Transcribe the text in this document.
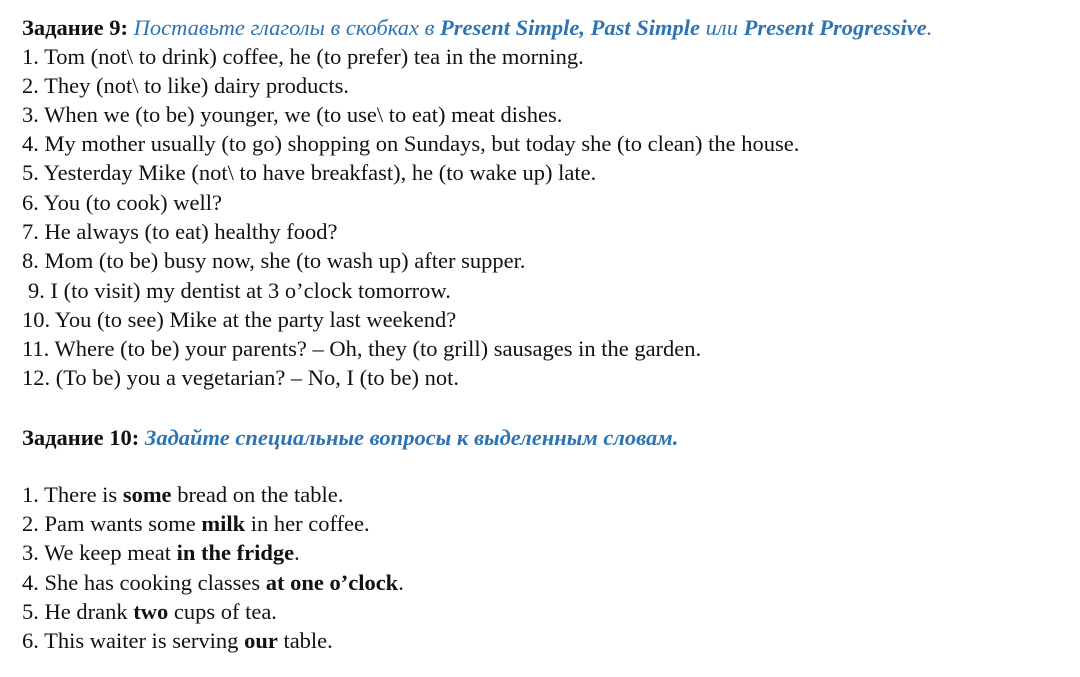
Задание 9: Поставьте глаголы в скобках в Present Simple, Past Simple или Present Progressive.
1. Tom (not\ to drink) coffee, he (to prefer) tea in the morning.
2. They (not\ to like) dairy products.
3. When we (to be) younger, we (to use\ to eat) meat dishes.
4. My mother usually (to go) shopping on Sundays, but today she (to clean) the house.
5. Yesterday Mike (not\ to have breakfast), he (to wake up) late.
6. You (to cook) well?
7. He always (to eat) healthy food?
8. Mom (to be) busy now, she (to wash up) after supper.
9. I (to visit) my dentist at 3 o’clock tomorrow.
10. You (to see) Mike at the party last weekend?
11. Where (to be) your parents? – Oh, they (to grill) sausages in the garden.
12. (To be) you a vegetarian? – No, I (to be) not.
Задание 10: Задайте специальные вопросы к выделенным словам.
1. There is some bread on the table.
2. Pam wants some milk in her coffee.
3. We keep meat in the fridge.
4. She has cooking classes at one o’clock.
5. He drank two cups of tea.
6. This waiter is serving our table.
